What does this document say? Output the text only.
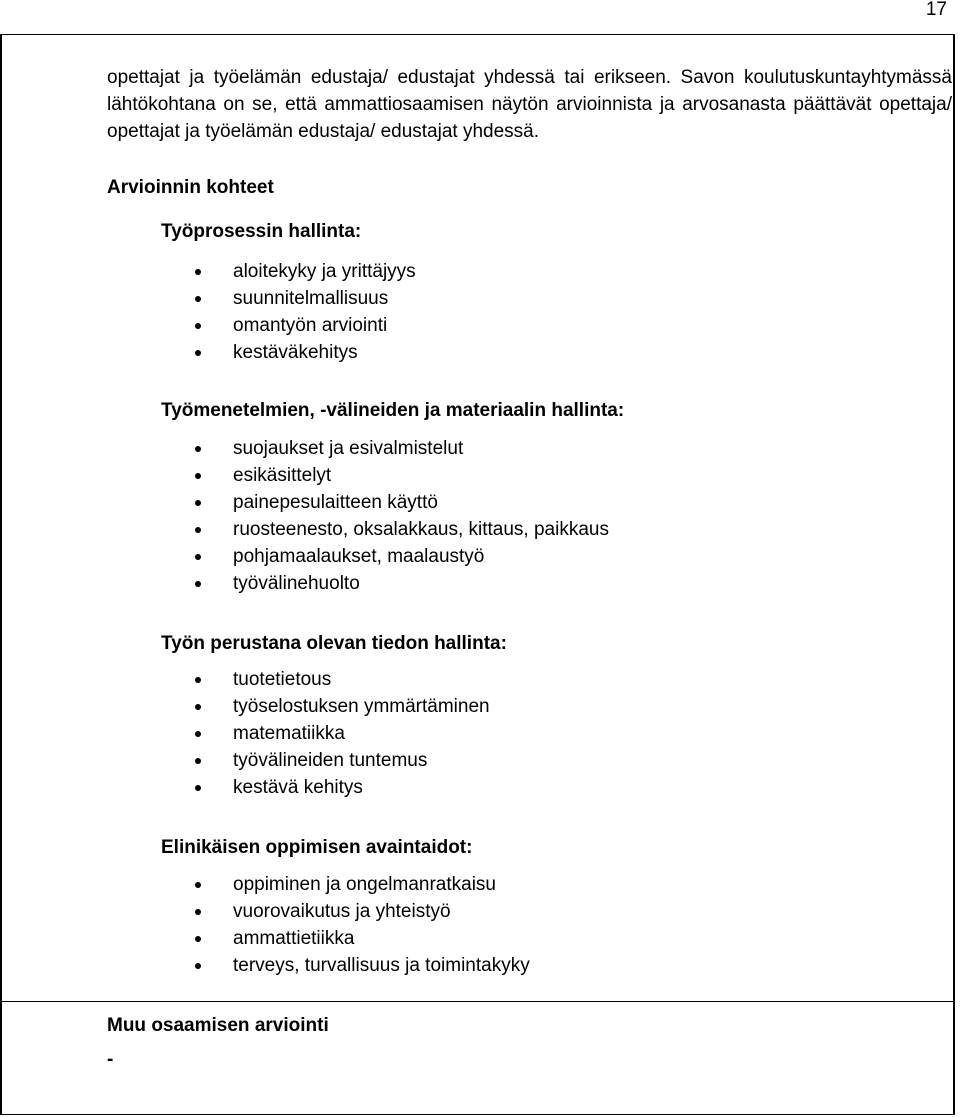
17

opettajat ja työelämän edustaja/ edustajat yhdessä tai erikseen. Savon koulutuskuntayhtymässä lähtökohtana on se, että ammattiosaamisen näytön arvioinnista ja arvosanasta päättävät opettaja/ opettajat ja työelämän edustaja/ edustajat yhdessä.

Arvioinnin kohteet
Työprosessin hallinta:
aloitekyky ja yrittäjyys
suunnitelmallisuus
omantyön arviointi
kestäväkehitys
Työmenetelmien, -välineiden ja materiaalin hallinta:
suojaukset ja esivalmistelut
esikäsittelyt
painepesulaitteen käyttö
ruosteenesto, oksalakkaus, kittaus, paikkaus
pohjamaalaukset, maalaustyö
työvälinehuolto
Työn perustana olevan tiedon hallinta:
tuotetietous
työselostuksen ymmärtäminen
matematiikka
työvälineiden tuntemus
kestävä kehitys
Elinikäisen oppimisen avaintaidot:
oppiminen ja ongelmanratkaisu
vuorovaikutus ja yhteistyö
ammattietiikka
terveys, turvallisuus ja toimintakyky
Muu osaamisen arviointi
-
